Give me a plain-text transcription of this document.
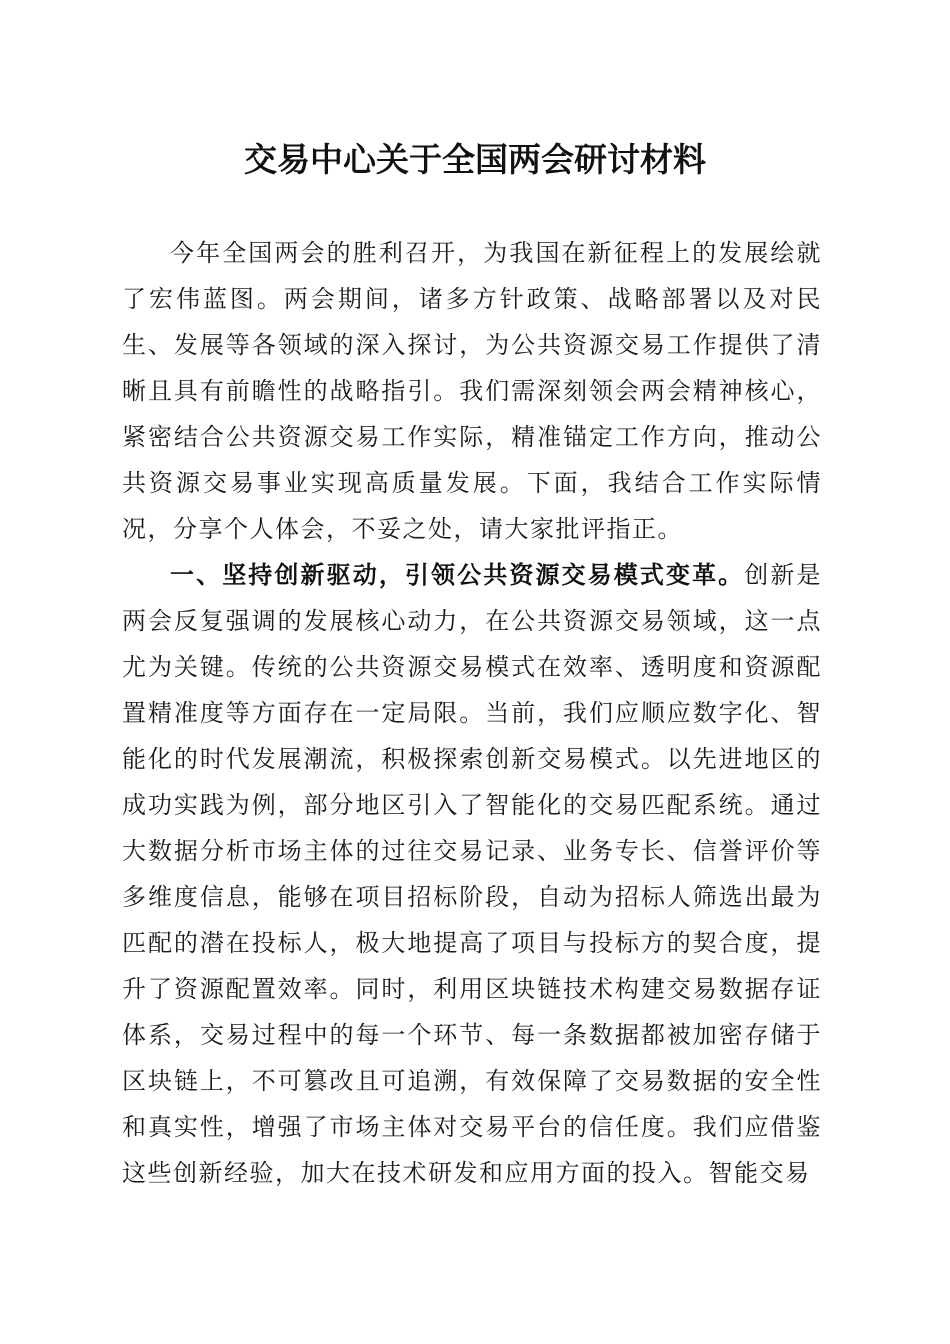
交易中心关于全国两会研讨材料

今年全国两会的胜利召开，为我国在新征程上的发展绘就了宏伟蓝图。两会期间，诸多方针政策、战略部署以及对民生、发展等各领域的深入探讨，为公共资源交易工作提供了清晰且具有前瞻性的战略指引。我们需深刻领会两会精神核心，紧密结合公共资源交易工作实际，精准锚定工作方向，推动公共资源交易事业实现高质量发展。下面，我结合工作实际情况，分享个人体会，不妥之处，请大家批评指正。

一、坚持创新驱动，引领公共资源交易模式变革。创新是两会反复强调的发展核心动力，在公共资源交易领域，这一点尤为关键。传统的公共资源交易模式在效率、透明度和资源配置精准度等方面存在一定局限。当前，我们应顺应数字化、智能化的时代发展潮流，积极探索创新交易模式。以先进地区的成功实践为例，部分地区引入了智能化的交易匹配系统。通过大数据分析市场主体的过往交易记录、业务专长、信誉评价等多维度信息，能够在项目招标阶段，自动为招标人筛选出最为匹配的潜在投标人，极大地提高了项目与投标方的契合度，提升了资源配置效率。同时，利用区块链技术构建交易数据存证体系，交易过程中的每一个环节、每一条数据都被加密存储于区块链上，不可篡改且可追溯，有效保障了交易数据的安全性和真实性，增强了市场主体对交易平台的信任度。我们应借鉴这些创新经验，加大在技术研发和应用方面的投入。智能交易
